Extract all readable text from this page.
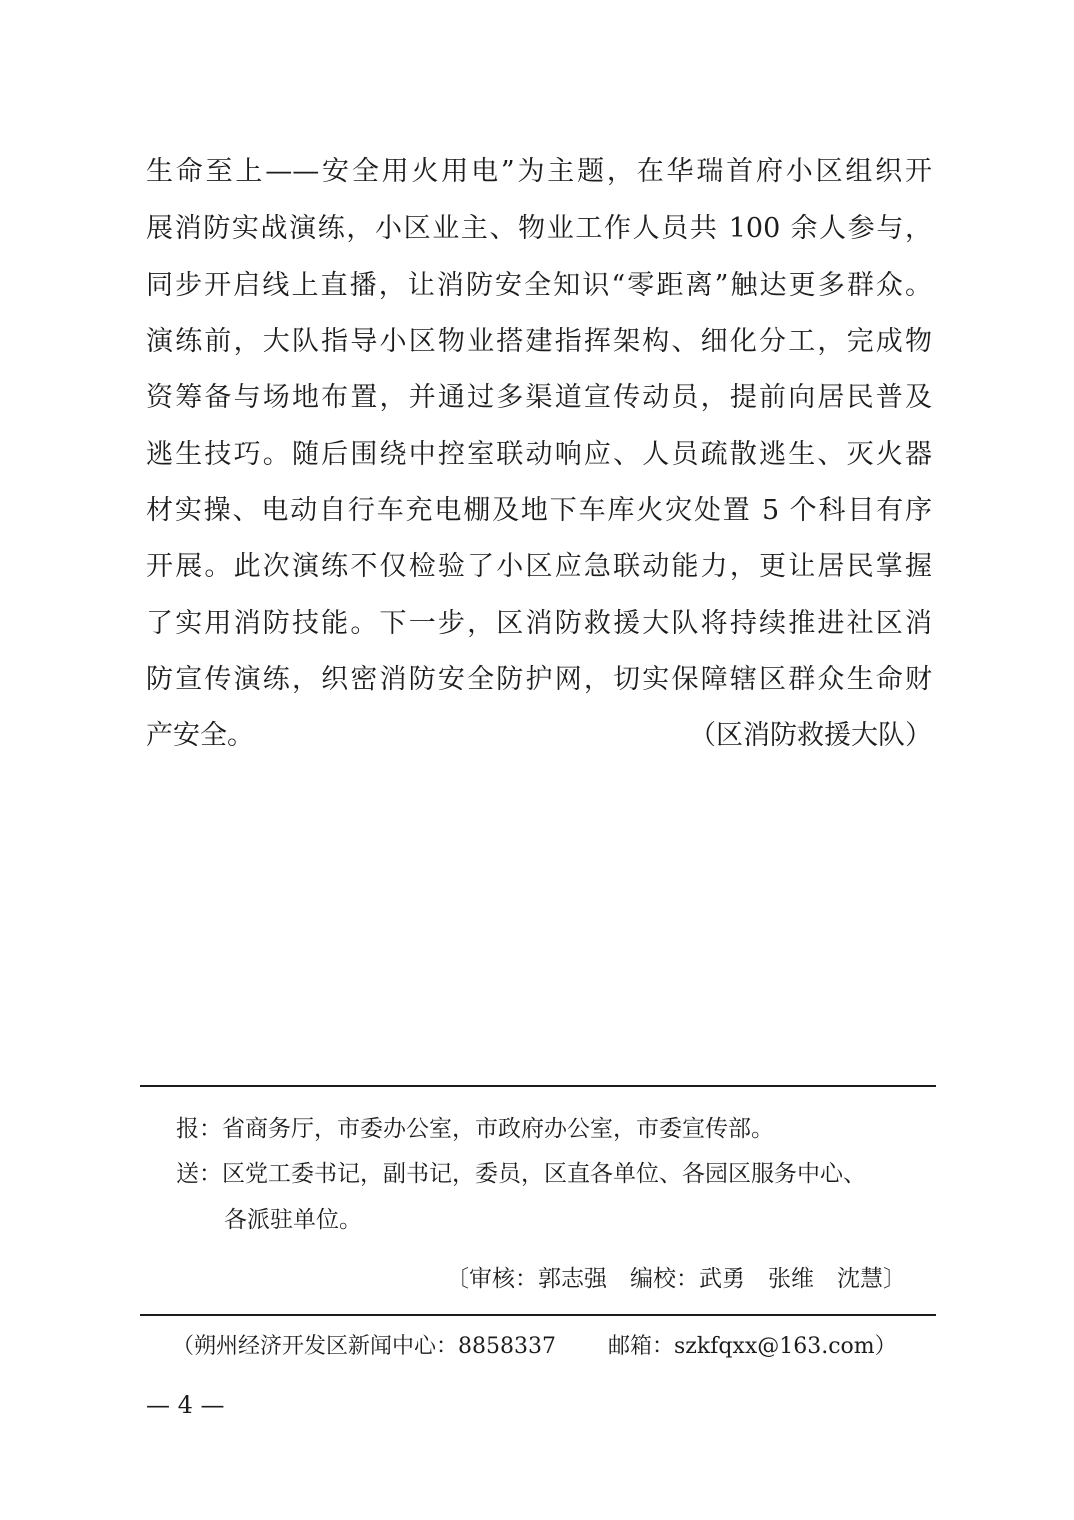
生命至上——安全用火用电”为主题，在华瑞首府小区组织开
展消防实战演练，小区业主、物业工作人员共 100 余人参与，
同步开启线上直播，让消防安全知识“零距离”触达更多群众。
演练前，大队指导小区物业搭建指挥架构、细化分工，完成物
资筹备与场地布置，并通过多渠道宣传动员，提前向居民普及
逃生技巧。随后围绕中控室联动响应、人员疏散逃生、灭火器
材实操、电动自行车充电棚及地下车库火灾处置 5 个科目有序
开展。此次演练不仅检验了小区应急联动能力，更让居民掌握
了实用消防技能。下一步，区消防救援大队将持续推进社区消
防宣传演练，织密消防安全防护网，切实保障辖区群众生命财
产安全。	（区消防救援大队）
报：省商务厅，市委办公室，市政府办公室，市委宣传部。
送：区党工委书记，副书记，委员，区直各单位、各园区服务中心、
各派驻单位。
〔审核：郭志强　编校：武勇　张维　沈慧〕
（朔州经济开发区新闻中心：8858337 邮箱：szkfqxx@163.com）
— 4 —
